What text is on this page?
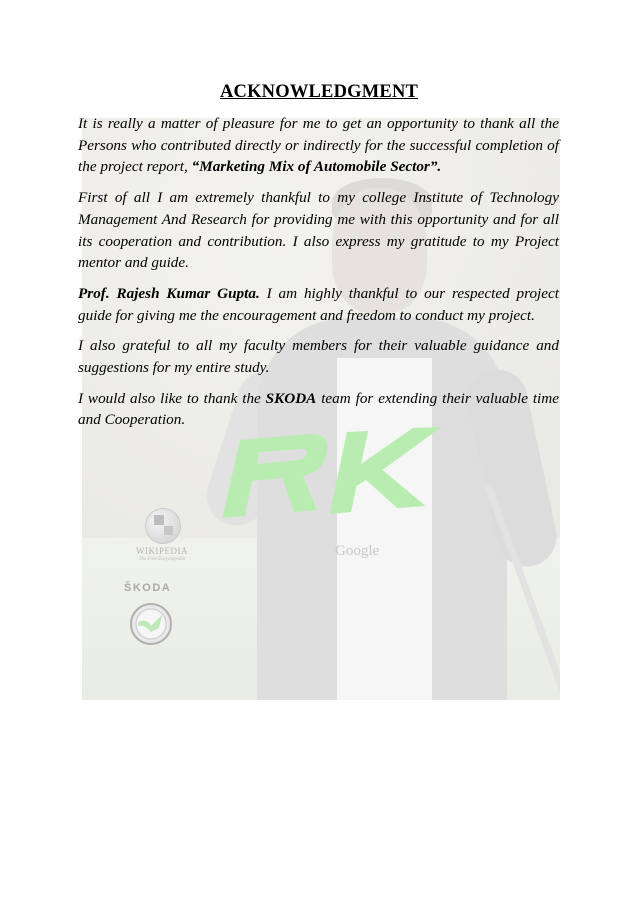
Google
WIKIPEDIA
The Free Encyclopedia
ŠKODA
ACKNOWLEDGMENT

It is really a matter of pleasure for me to get an opportunity to thank all the Persons who contributed directly or indirectly for the successful completion of the project report, “Marketing Mix of Automobile Sector”.

First of all I am extremely thankful to my college Institute of Technology Management And Research for providing me with this opportunity and for all its cooperation and contribution. I also express my gratitude to my Project mentor and guide.

Prof. Rajesh Kumar Gupta. I am highly thankful to our respected project guide for giving me the encouragement and freedom to conduct my project.

I also grateful to all my faculty members for their valuable guidance and suggestions for my entire study.

I would also like to thank the SKODA team for extending their valuable time and Cooperation.
